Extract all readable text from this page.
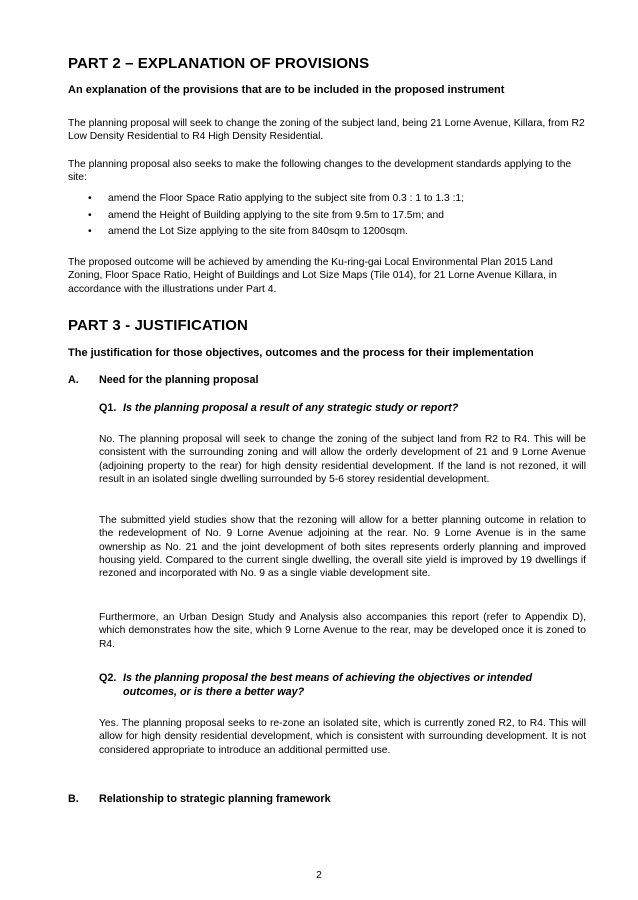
PART 2 – EXPLANATION OF PROVISIONS
An explanation of the provisions that are to be included in the proposed instrument

The planning proposal will seek to change the zoning of the subject land, being 21 Lorne Avenue, Killara, from R2 Low Density Residential to R4 High Density Residential.

The planning proposal also seeks to make the following changes to the development standards applying to the site:

• amend the Floor Space Ratio applying to the subject site from 0.3 : 1 to 1.3 :1;
• amend the Height of Building applying to the site from 9.5m to 17.5m; and
• amend the Lot Size applying to the site from 840sqm to 1200sqm.

The proposed outcome will be achieved by amending the Ku-ring-gai Local Environmental Plan 2015 Land Zoning, Floor Space Ratio, Height of Buildings and Lot Size Maps (Tile 014), for 21 Lorne Avenue Killara, in accordance with the illustrations under Part 4.

PART 3 - JUSTIFICATION
The justification for those objectives, outcomes and the process for their implementation
A. Need for the planning proposal
Q1. Is the planning proposal a result of any strategic study or report?

No. The planning proposal will seek to change the zoning of the subject land from R2 to R4. This will be consistent with the surrounding zoning and will allow the orderly development of 21 and 9 Lorne Avenue (adjoining property to the rear) for high density residential development. If the land is not rezoned, it will result in an isolated single dwelling surrounded by 5-6 storey residential development.

The submitted yield studies show that the rezoning will allow for a better planning outcome in relation to the redevelopment of No. 9 Lorne Avenue adjoining at the rear. No. 9 Lorne Avenue is in the same ownership as No. 21 and the joint development of both sites represents orderly planning and improved housing yield. Compared to the current single dwelling, the overall site yield is improved by 19 dwellings if rezoned and incorporated with No. 9 as a single viable development site.

Furthermore, an Urban Design Study and Analysis also accompanies this report (refer to Appendix D), which demonstrates how the site, which 9 Lorne Avenue to the rear, may be developed once it is zoned to R4.

Q2. Is the planning proposal the best means of achieving the objectives or intended outcomes, or is there a better way?

Yes. The planning proposal seeks to re-zone an isolated site, which is currently zoned R2, to R4. This will allow for high density residential development, which is consistent with surrounding development. It is not considered appropriate to introduce an additional permitted use.

B. Relationship to strategic planning framework
2
